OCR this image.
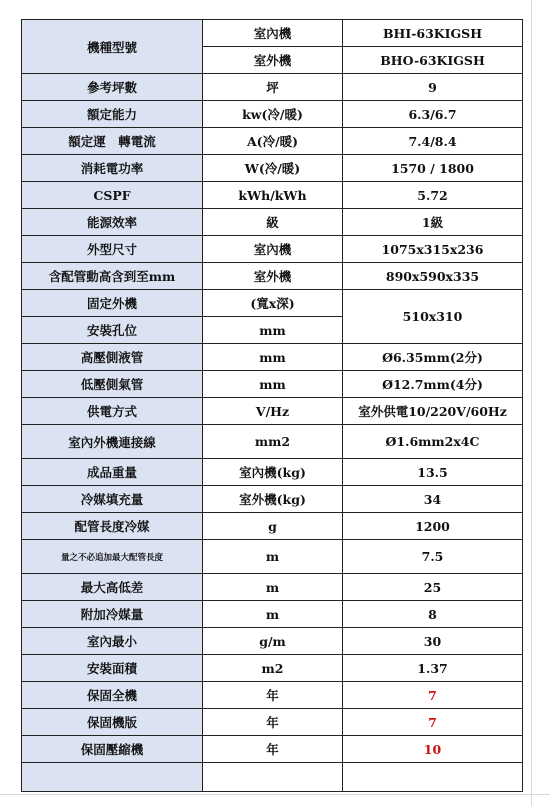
機種型號	室內機	BHI-63KIGSH
	室外機	BHO-63KIGSH
參考坪數	坪	9
額定能力	kw(冷/暖)	6.3/6.7
額定運　轉電流	A(冷/暖)	7.4/8.4
消耗電功率	W(冷/暖)	1570 / 1800
CSPF	kWh/kWh	5.72
能源效率	級	1級
外型尺寸	室內機	1075x315x236
含配管動高含到至mm	室外機	890x590x335
固定外機	(寬x深)	510x310
安裝孔位	mm	
高壓側液管	mm	Ø6.35mm(2分)
低壓側氣管	mm	Ø12.7mm(4分)
供電方式	V/Hz	室外供電10/220V/60Hz
室內外機連接線	mm2	Ø1.6mm2x4C
成品重量	室內機(kg)	13.5
冷媒填充量	室外機(kg)	34
配管長度冷媒	g	1200
量之不必追加最大配管長度	m	7.5
最大高低差	m	25
附加冷媒量	m	8
室內最小	g/m	30
安裝面積	m2	1.37
保固全機	年	7
保固機版	年	7
保固壓縮機	年	10
